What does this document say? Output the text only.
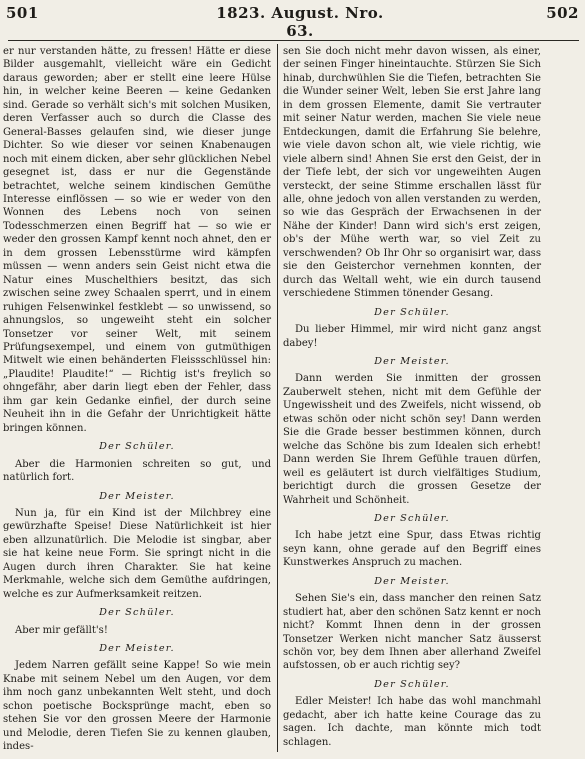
501	1823. August. Nro. 63.
502

er nur verstanden hätte, zu fressen! Hätte er diese Bilder ausgemahlt, vielleicht wäre ein Gedicht daraus geworden; aber er stellt eine leere Hülse hin, in welcher keine Beeren — keine Gedanken sind. Gerade so verhält sich's mit solchen Musiken, deren Verfasser auch so durch die Classe des General-Basses gelaufen sind, wie dieser junge Dichter. So wie dieser vor seinen Knabenaugen noch mit einem dicken, aber sehr glücklichen Nebel gesegnet ist, dass er nur die Gegenstände betrachtet, welche seinem kindischen Gemüthe Interesse einflössen — so wie er weder von den Wonnen des Lebens noch von seinen Todesschmerzen einen Begriff hat — so wie er weder den grossen Kampf kennt noch ahnet, den er in dem grossen Lebensstürme wird kämpfen müssen — wenn anders sein Geist nicht etwa die Natur eines Muschelthiers besitzt, das sich zwischen seine zwey Schaalen sperrt, und in einem ruhigen Felsenwinkel festklebt — so unwissend, so ahnungslos, so ungeweiht steht ein solcher Tonsetzer vor seiner Welt, mit seinem Prüfungsexempel, und einem von gutmüthigen Mitwelt wie einen behänderten Fleissschlüssel hin: „Plaudite! Plaudite!“ — Richtig ist's freylich so ohngefähr, aber darin liegt eben der Fehler, dass ihm gar kein Gedanke einfiel, der durch seine Neuheit ihn in die Gefahr der Unrichtigkeit hätte bringen können.

Der Schüler.

Aber die Harmonien schreiten so gut, und natürlich fort.

Der Meister.

Nun ja, für ein Kind ist der Milchbrey eine gewürzhafte Speise! Diese Natürlichkeit ist hier eben allzunatürlich. Die Melodie ist singbar, aber sie hat keine neue Form. Sie springt nicht in die Augen durch ihren Charakter. Sie hat keine Merkmahle, welche sich dem Gemüthe aufdringen, welche es zur Aufmerksamkeit reitzen.

Der Schüler.

Aber mir gefällt's!

Der Meister.

Jedem Narren gefällt seine Kappe! So wie mein Knabe mit seinem Nebel um den Augen, vor dem ihm noch ganz unbekannten Welt steht, und doch schon poetische Bocksprünge macht, eben so stehen Sie vor den grossen Meere der Harmonie und Melodie, deren Tiefen Sie zu kennen glauben, indes-

sen Sie doch nicht mehr davon wissen, als einer, der seinen Finger hineintauchte. Stürzen Sie Sich hinab, durchwühlen Sie die Tiefen, betrachten Sie die Wunder seiner Welt, leben Sie erst Jahre lang in dem grossen Elemente, damit Sie vertrauter mit seiner Natur werden, machen Sie viele neue Entdeckungen, damit die Erfahrung Sie belehre, wie viele davon schon alt, wie viele richtig, wie viele albern sind! Ahnen Sie erst den Geist, der in der Tiefe lebt, der sich vor ungeweihten Augen versteckt, der seine Stimme erschallen lässt für alle, ohne jedoch von allen verstanden zu werden, so wie das Gespräch der Erwachsenen in der Nähe der Kinder! Dann wird sich's erst zeigen, ob's der Mühe werth war, so viel Zeit zu verschwenden? Ob Ihr Ohr so organisirt war, dass sie den Geisterchor vernehmen konnten, der durch das Weltall weht, wie ein durch tausend verschiedene Stimmen tönender Gesang.

Der Schüler.

Du lieber Himmel, mir wird nicht ganz angst dabey!

Der Meister.

Dann werden Sie inmitten der grossen Zauberwelt stehen, nicht mit dem Gefühle der Ungewissheit und des Zweifels, nicht wissend, ob etwas schön oder nicht schön sey! Dann werden Sie die Grade besser bestimmen können, durch welche das Schöne bis zum Idealen sich erhebt! Dann werden Sie Ihrem Gefühle trauen dürfen, weil es geläutert ist durch vielfältiges Studium, berichtigt durch die grossen Gesetze der Wahrheit und Schönheit.

Der Schüler.

Ich habe jetzt eine Spur, dass Etwas richtig seyn kann, ohne gerade auf den Begriff eines Kunstwerkes Anspruch zu machen.

Der Meister.

Sehen Sie's ein, dass mancher den reinen Satz studiert hat, aber den schönen Satz kennt er noch nicht? Kommt Ihnen denn in der grossen Tonsetzer Werken nicht mancher Satz äusserst schön vor, bey dem Ihnen aber allerhand Zweifel aufstossen, ob er auch richtig sey?

Der Schüler.

Edler Meister! Ich habe das wohl manchmahl gedacht, aber ich hatte keine Courage das zu sagen. Ich dachte, man könnte mich todt schlagen.
